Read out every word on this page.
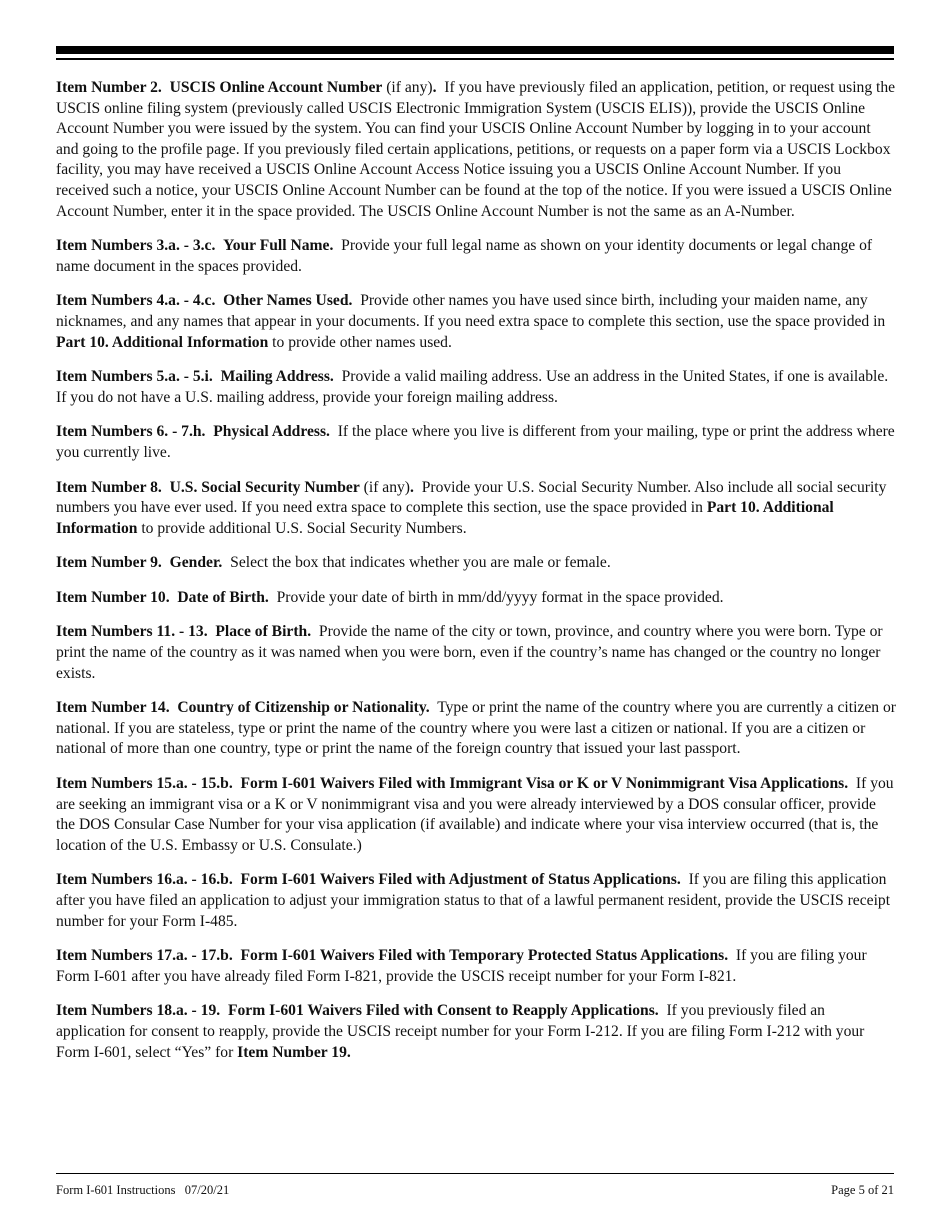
Item Number 2. USCIS Online Account Number (if any). If you have previously filed an application, petition, or request using the USCIS online filing system (previously called USCIS Electronic Immigration System (USCIS ELIS)), provide the USCIS Online Account Number you were issued by the system. You can find your USCIS Online Account Number by logging in to your account and going to the profile page. If you previously filed certain applications, petitions, or requests on a paper form via a USCIS Lockbox facility, you may have received a USCIS Online Account Access Notice issuing you a USCIS Online Account Number. If you received such a notice, your USCIS Online Account Number can be found at the top of the notice. If you were issued a USCIS Online Account Number, enter it in the space provided. The USCIS Online Account Number is not the same as an A-Number.

Item Numbers 3.a. - 3.c. Your Full Name. Provide your full legal name as shown on your identity documents or legal change of name document in the spaces provided.

Item Numbers 4.a. - 4.c. Other Names Used. Provide other names you have used since birth, including your maiden name, any nicknames, and any names that appear in your documents. If you need extra space to complete this section, use the space provided in Part 10. Additional Information to provide other names used.

Item Numbers 5.a. - 5.i. Mailing Address. Provide a valid mailing address. Use an address in the United States, if one is available. If you do not have a U.S. mailing address, provide your foreign mailing address.

Item Numbers 6. - 7.h. Physical Address. If the place where you live is different from your mailing, type or print the address where you currently live.

Item Number 8. U.S. Social Security Number (if any). Provide your U.S. Social Security Number. Also include all social security numbers you have ever used. If you need extra space to complete this section, use the space provided in Part 10. Additional Information to provide additional U.S. Social Security Numbers.

Item Number 9. Gender. Select the box that indicates whether you are male or female.

Item Number 10. Date of Birth. Provide your date of birth in mm/dd/yyyy format in the space provided.

Item Numbers 11. - 13. Place of Birth. Provide the name of the city or town, province, and country where you were born. Type or print the name of the country as it was named when you were born, even if the country’s name has changed or the country no longer exists.

Item Number 14. Country of Citizenship or Nationality. Type or print the name of the country where you are currently a citizen or national. If you are stateless, type or print the name of the country where you were last a citizen or national. If you are a citizen or national of more than one country, type or print the name of the foreign country that issued your last passport.

Item Numbers 15.a. - 15.b. Form I-601 Waivers Filed with Immigrant Visa or K or V Nonimmigrant Visa Applications. If you are seeking an immigrant visa or a K or V nonimmigrant visa and you were already interviewed by a DOS consular officer, provide the DOS Consular Case Number for your visa application (if available) and indicate where your visa interview occurred (that is, the location of the U.S. Embassy or U.S. Consulate.)

Item Numbers 16.a. - 16.b. Form I-601 Waivers Filed with Adjustment of Status Applications. If you are filing this application after you have filed an application to adjust your immigration status to that of a lawful permanent resident, provide the USCIS receipt number for your Form I-485.

Item Numbers 17.a. - 17.b. Form I-601 Waivers Filed with Temporary Protected Status Applications. If you are filing your Form I-601 after you have already filed Form I-821, provide the USCIS receipt number for your Form I-821.

Item Numbers 18.a. - 19. Form I-601 Waivers Filed with Consent to Reapply Applications. If you previously filed an application for consent to reapply, provide the USCIS receipt number for your Form I-212. If you are filing Form I-212 with your Form I-601, select “Yes” for Item Number 19.

Form I-601 Instructions   07/20/21	Page 5 of 21
